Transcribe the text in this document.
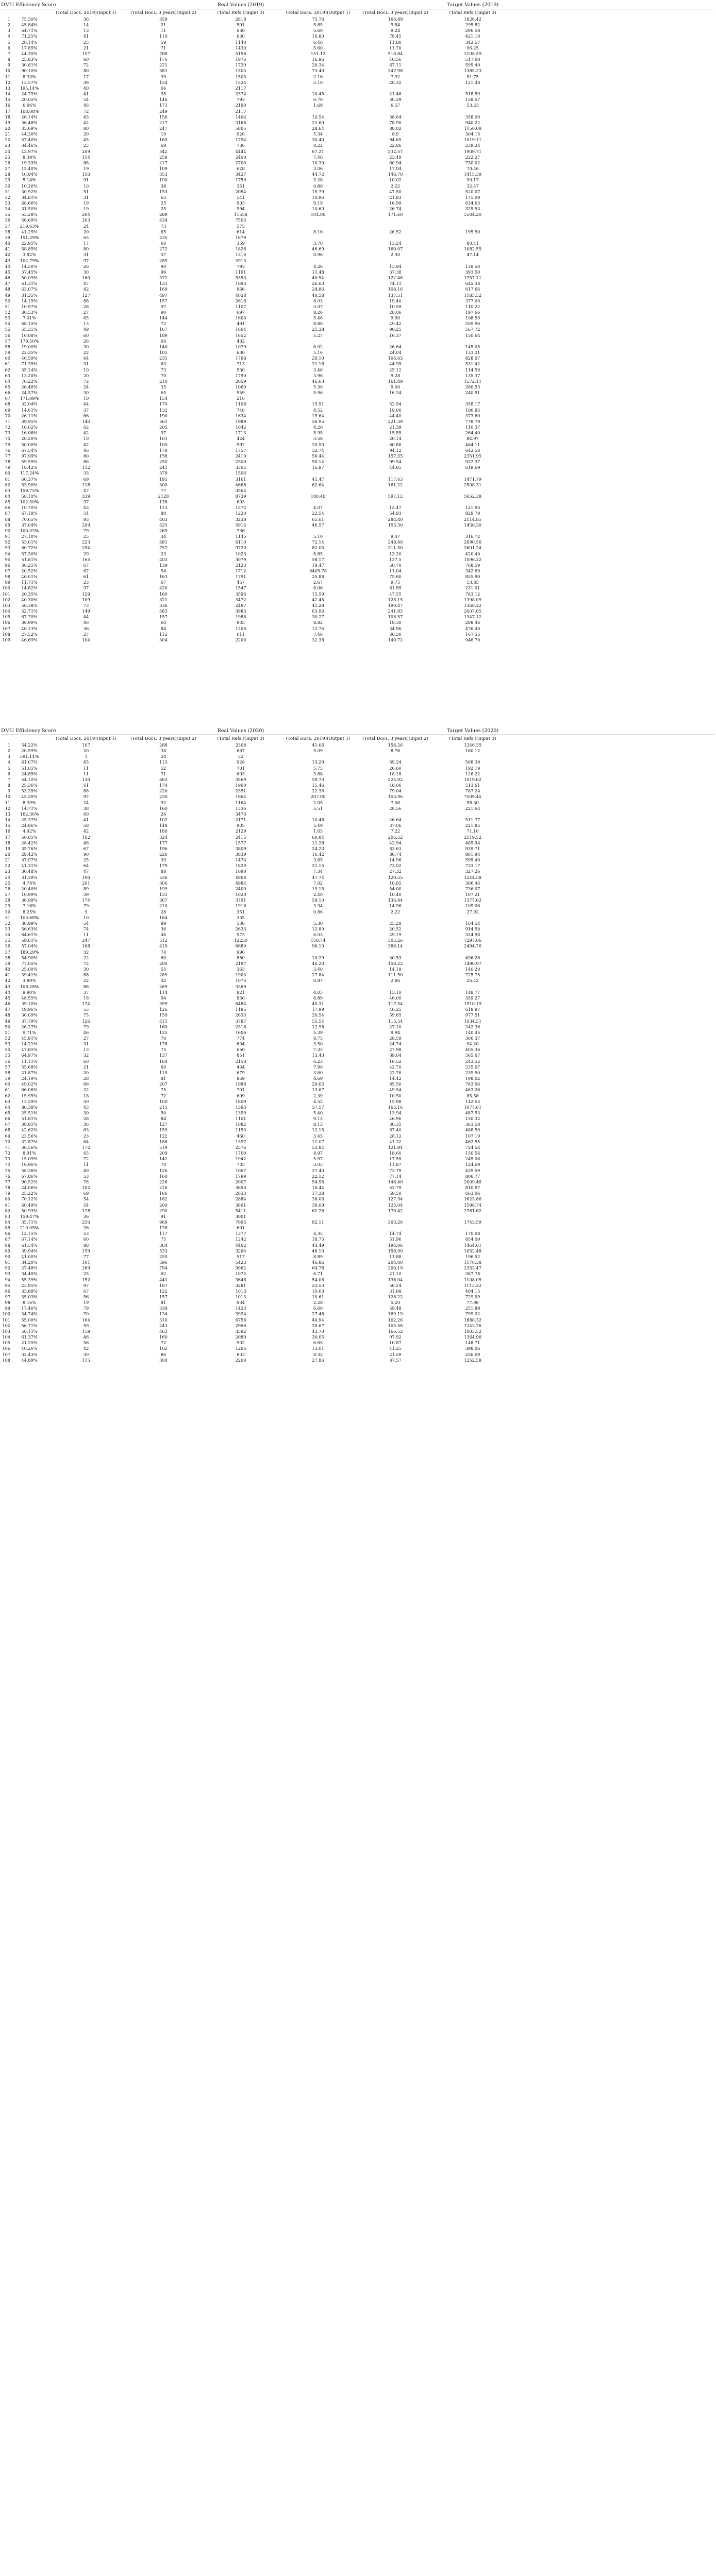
DMU Efficiency Score	Real Values (2019)	Target Values (2019)
(Total Docs. 2019)(Input 1)	(Total Docs. 3 years)(Input 2)	(Total Refs.)(Input 3)	(Total Docs. 2019)(Output 1)	(Total Docs. 3 years)(Input 2)	(Total Refs.)(Input 3)
1	75.30%	36	359	2818	75.76	166.89	1826.42
2	45.84%	14	21	501	5.85	9.84	295.82
3	64.71%	13	11	630	5.60	9.24	296.58
4	71.25%	41	110	630	16.80	79.45	421.10
5	28.14%	25	59	1140	6.46	11.80	342.57
6	17.85%	21	71	1430	5.60	11.70	96.25
7	44.35%	157	768	5158	151.12	510.84	2108.59
8	25.83%	60	176	1976	16.96	46.56	517.08
9	30.81%	72	221	1720	20.34	67.11	595.40
10	90.10%	80	381	1503	73.40	347.98	1385.23
11	8.33%	17	39	1503	2.16	7.92	51.75
12	13.57%	39	154	1524	5.10	20.32	121.48
13	195.14%	40	66	2117
14	24.79%	41	35	2374	10.45	21.46	518.59
15	20.05%	54	146	793	6.70	30.29	158.57
16	6.06%	46	171	2190	1.69	6.57	53.23
17	108.08%	72	249	2117
18	26.14%	43	156	1404	10.54	38.64	358.09
19	36.48%	42	217	3168	22.60	78.90	940.22
20	35.69%	80	247	5805	28.64	88.02	1150.08
21	44.30%	20	19	920	5.34	8.9	304.15
22	57.40%	45	165	1794	30.40	94.65	1019.11
23	34.46%	25	69	736	8.22	22.86	239.24
24	42.97%	209	542	4444	67.21	232.57	1909.71
25	8.39%	114	259	2400	7.46	23.49	222.27
26	19.33%	88	217	2700	10.30	60.94	730.02
27	15.40%	19	109	628	3.06	17.04	70.46
28	40.94%	150	353	3427	44.72	146.70	1415.39
29	5.14%	91	190	1750	3.28	10.02	90.17
30	10.16%	10	38	351	0.88	2.22	32.47
31	30.92%	51	153	2054	15.79	47.50	520.07
32	34.81%	31	63	541	10.96	21.93	175.09
33	68.66%	19	25	903	9.19	16.99	634.63
34	31.50%	19	25	994	10.60	26.74	325.53
35	53.28%	204	289	11558	104.00	171.60	5504.20
36	56.69%	203	434	7503
37	219.63%	24	73	575
38	41.25%	20	65	614	8.16	26.52	195.50
39	151.29%	65	235	1679
40	22.91%	17	60	359	3.70	13.24	80.41
41	58.85%	80	272	1826	46.69	160.07	1082.55
42	3.82%	31	57	1316	0.96	2.30	47.14
43	102.79%	97	285	2913
44	14.50%	26	90	793	4.26	13.94	139.50
45	37.45%	30	96	1191	11.48	37.38	393.50
46	50.09%	160	372	5353	40.54	122.46	1757.11
47	61.31%	47	131	1093	26.00	74.11	645.38
48	63.07%	42	169	966	24.86	108.16	617.64
49	31.35%	127	497	4038	40.58	137.51	1185.52
50	14.15%	88	157	2616	8.03	19.40	377.00
51	10.97%	28	97	1107	3.07	10.59	110.22
52	30.53%	27	90	697	8.26	28.06	197.66
53	7.01%	65	144	1603	5.46	9.90	108.59
54	68.15%	13	72	491	8.80	49.42	205.96
55	55.35%	49	167	1604	21.38	90.25	567.72
56	10.08%	60	189	1652	5.27	16.37	150.64
57	179.50%	26	64	402
58	19.00%	30	140	1079	6.02	26.64	145.05
59	22.35%	22	105	630	5.16	24.04	133.21
60	46.59%	64	235	1798	29.10	104.03	828.07
61	71.35%	31	63	713	21.18	44.95	531.42
62	35.14%	10	73	530	3.46	25.12	114.59
63	13.20%	20	70	1790	3.96	9.28	135.37
64	76.22%	72	210	2059	46.63	161.49	1572.11
65	26.46%	24	35	1060	5.30	9.00	280.53
66	24.57%	30	65	959	5.96	16.34	240.91
67	171.09%	10	154	216
68	32.04%	44	170	1108	15.91	52.94	358.17
69	14.61%	37	132	740	4.52	19.00	106.85
70	26.11%	66	190	1634	15.64	44.40	373.60
71	39.95%	140	561	1989	56.95	221.39	778.79
72	10.02%	62	205	1042	4.20	21.39	110.37
73	16.06%	42	97	1713	5.95	15.55	264.40
74	20.20%	10	101	424	3.58	20.14	84.97
75	50.00%	42	100	992	20.90	60.86	464.11
76	67.54%	46	178	1757	32.74	94.12	642.58
77	97.99%	80	158	2410	56.44	157.35	2351.95
78	59.59%	86	250	2300	50.14	99.54	922.37
79	18.42%	112	241	3305	16.97	44.85	619.69
80	117.24%	33	379	1506
81	60.37%	69	195	3161	41.47	117.63	1471.79
82	53.90%	118	300	4668	62.64	161.22	2508.31
83	159.75%	47	77	3564
84	58.10%	339	2128	8739	180.40	597.12	5652.38
85	102.30%	37	138	603
86	10.70%	43	113	1572	4.07	12.47	121.93
87	67.18%	54	80	1220	22.54	54.93	829.79
88	70.65%	93	403	3238	65.01	284.40	2114.85
89	37.04%	209	425	5914	46.57	155.30	1456.30
90	100.32%	79	269	736
91	27.10%	25	34	1145	5.10	9.37	316.72
92	53.01%	223	481	6110	72.14	248.40	2090.56
93	60.72%	254	757	9720	82.05	311.50	2601.24
94	57.30%	29	23	1023	8.85	13.20	420.40
95	51.81%	165	403	3079	58.17	127.5	1096.22
96	36.25%	67	139	2123	19.47	50.70	768.59
97	20.52%	67	54	1712	0405.78	11.04	342.69
98	46.01%	61	163	1791	25.88	75.60	855.90
99	11.71%	23	67	457	2.67	9.75	53.85
100	14.82%	97	420	1547	8.06	61.85	231.01
101	20.35%	129	160	3596	15.59	47.55	783.12
102	40.30%	109	321	3472	42.45	128.15	1398.09
103	56.38%	73	336	2497	41.28	190.47	1368.22
104	52.71%	149	483	3983	63.96	241.95	2007.05
105	67.70%	44	157	1988	30.27	108.57	1347.12
106	36.99%	46	60	935	8.82	18.30	288.46
107	40.13%	36	84	1206	12.75	34.96	476.40
108	27.52%	27	112	611	7.46	30.30	167.55
109	46.69%	104	304	2200	32.38	140.72	946.70
DMU Efficiency Score	Real Values (2020)	Target Values (2020)
(Total Docs. 2019)(Input 1)	(Total Docs. 3 years)(Input 2)	(Total Refs.)(Input 3)	(Total Docs. 2019)(Output 1)	(Total Docs. 3 years)(Input 2)	(Total Refs.)(Input 3)
1	54.22%	107	288	2308	41.06	156.26	1246.35
2	20.59%	20	38	667	5.09	8.76	160.12
3	591.14%	1	24	52
4	61.07%	45	113	928	15.29	69.24	568.39
5	51.05%	11	52	701	5.75	26.60	192.19
6	24.85%	11	71	603	3.88	18.18	126.22
7	54.10%	130	663	3569	59.70	225.92	1019.62
8	25.36%	61	174	1900	15.46	48.06	513.61
9	53.35%	88	220	2351	22.36	79.04	787.24
10	45.20%	97	230	1664	207.00	103.96	7509.45
11	8.39%	24	92	1164	2.05	7.06	58.30
12	14.71%	38	160	1536	5.51	20.56	221.64
13	162.36%	60	26	3470
14	25.37%	41	102	2171	10.48	26.64	511.77
15	24.86%	58	148	905	5.49	37.06	221.85
16	4.92%	42	180	2129	1.65	7.22	71.10
17	50.05%	102	324	2415	60.84	205.52	2119.52
18	28.42%	46	177	1577	11.28	42.94	485.94
19	35.76%	67	196	3809	24.23	83.63	939.71
20	29.42%	90	226	3839	16.42	86.74	861.94
21	37.97%	25	39	1474	3.65	14.96	595.40
22	41.31%	64	179	1829	21.15	73.02	733.17
23	30.48%	47	88	1090	7.34	27.32	327.26
24	31.39%	190	536	4908	47.74	120.55	1244.58
25	4.78%	201	306	4984	7.02	10.85	306.44
26	20.40%	89	199	2409	19.15	54.00	736.07
27	10.99%	39	131	1020	2.40	10.40	107.21
28	36.98%	174	367	3791	59.10	134.44	1377.62
29	7.16%	79	210	1916	3.94	14.96	109.06
30	8.25%	9	28	351	0.86	2.22	27.92
31	103.68%	10	164	335
32	30.99%	54	89	536	5.30	25.28	164.54
33	56.63%	74	36	2633	12.80	20.52	914.50
34	64.61%	11	46	573	6.03	29.19	324.98
35	59.61%	247	512	12230	150.74	305.26	7297.06
36	57.04%	168	419	6680	96.10	386.14	2494.76
37	189.29%	32	74	990
38	54.90%	22	60	880	10.29	30.53	496.28
39	77.05%	72	200	2197	46.20	158.22	1490.97
40	25.00%	30	55	363	3.40	14.18	140.20
41	39.41%	88	289	1903	27.84	111.50	725.75
42	3.89%	22	42	1075	0.87	2.86	25.42
43	108.28%	88	269	3369
44	9.90%	37	114	821	4.05	13.10	148.77
45	48.55%	18	94	830	8.89	46.00	359.27
46	39.10%	174	399	6484	45.31	117.54	1910.19
47	49.96%	55	126	1185	17.99	46.25	618.97
48	30.09%	75	159	2633	20.54	59.65	977.51
49	37.79%	126	411	3787	51.54	115.54	1034.51
50	26.27%	79	160	2316	12.98	27.10	242.36
51	9.71%	46	125	1606	5.39	9.94	140.45
52	45.91%	27	70	774	8.75	28.59	300.37
53	14.21%	31	178	604	3.50	24.74	94.20
54	47.85%	13	75	650	7.35	27.98	405.36
55	64.97%	32	137	851	13.43	89.04	565.67
56	11.11%	60	164	2158	6.23	16.52	243.52
57	55.68%	21	60	434	7.90	42.70	235.07
58	21.87%	20	115	679	3.60	22.76	239.50
59	24.19%	28	81	859	4.69	14.42	198.02
60	49.02%	66	207	1988	29.05	85.50	783.94
61	66.06%	22	75	701	13.67	49.54	463.26
62	15.95%	18	72	609	2.39	10.50	85.58
63	13.29%	50	100	1809	4.52	15.98	142.53
64	80.38%	43	215	1393	37.57	165.16	1077.01
65	25.51%	30	50	1399	5.40	13.94	487.53
66	51.81%	28	84	1101	9.15	46.96	150.32
67	38.81%	36	127	1082	8.13	30.31	363.58
68	42.62%	63	159	1153	12.15	67.40	488.59
69	23.56%	23	122	460	3.45	28.12	107.19
70	32.87%	64	186	1397	12.07	41.32	462.55
71	36.56%	172	519	2576	53.84	121.94	724.54
72	8.91%	65	209	1709	4.97	18.60	150.54
73	15.09%	72	142	1942	5.57	17.55	245.06
74	16.96%	11	70	735	3.05	11.87	124.69
75	58.36%	49	126	1067	27.40	73.79	429.59
76	67.86%	53	160	1799	22.12	77.14	806.77
77	90.52%	76	226	2007	54.96	146.40	2009.46
78	24.06%	102	216	3650	16.44	52.79	810.97
79	25.22%	69	166	2633	17.38	59.50	663.06
80	70.12%	54	182	2884	38.06	127.94	1623.86
81	60.49%	54	200	3801	39.09	125.04	1598.74
82	50.93%	128	290	5411	62.26	170.42	2761.62
83	159.47%	36	91	3001
84	35.71%	250	969	7095	82.11	303.26	1743.59
85	210.05%	26	126	601
86	12.15%	53	117	1377	4.35	14.74	170.08
87	67.14%	60	75	1242	18.75	51.96	854.09
88	61.54%	88	364	4402	44.49	194.06	1464.01
89	39.94%	159	533	3264	46.10	158.90	1052.48
90	41.00%	77	255	517	8.89	11.88	196.52
91	34.20%	101	596	5423	46.86	204.00	1176.38
92	27.48%	269	794	9962	64.78	200.19	2353.47
93	34.40%	25	62	1072	6.71	21.10	367.78
94	55.39%	152	441	3646	54.06	136.04	1108.05
95	23.95%	97	167	3281	23.53	56.24	1113.22
96	33.88%	67	122	1013	10.63	31.88	404.15
97	35.03%	56	157	1013	10.61	128.22	729.09
98	8.16%	19	81	934	2.28	5.20	77.98
99	17.46%	79	339	1423	6.60	59.48	251.89
100	34.74%	70	134	3924	27.48	169.19	799.02
101	55.00%	164	310	6758	40.94	102.26	1888.32
102	56.71%	59	241	2966	25.67	105.58	1243.26
103	56.11%	159	461	3592	43.70	166.52	1003.52
104	61.37%	46	160	2089	30.05	97.92	1364.96
105	21.25%	56	72	902	6.65	10.87	148.71
106	40.26%	42	102	1206	13.01	41.25	398.06
107	32.43%	30	86	833	8.32	21.59	256.09
108	44.89%	115	304	2200	27.86	87.57	1252.58
